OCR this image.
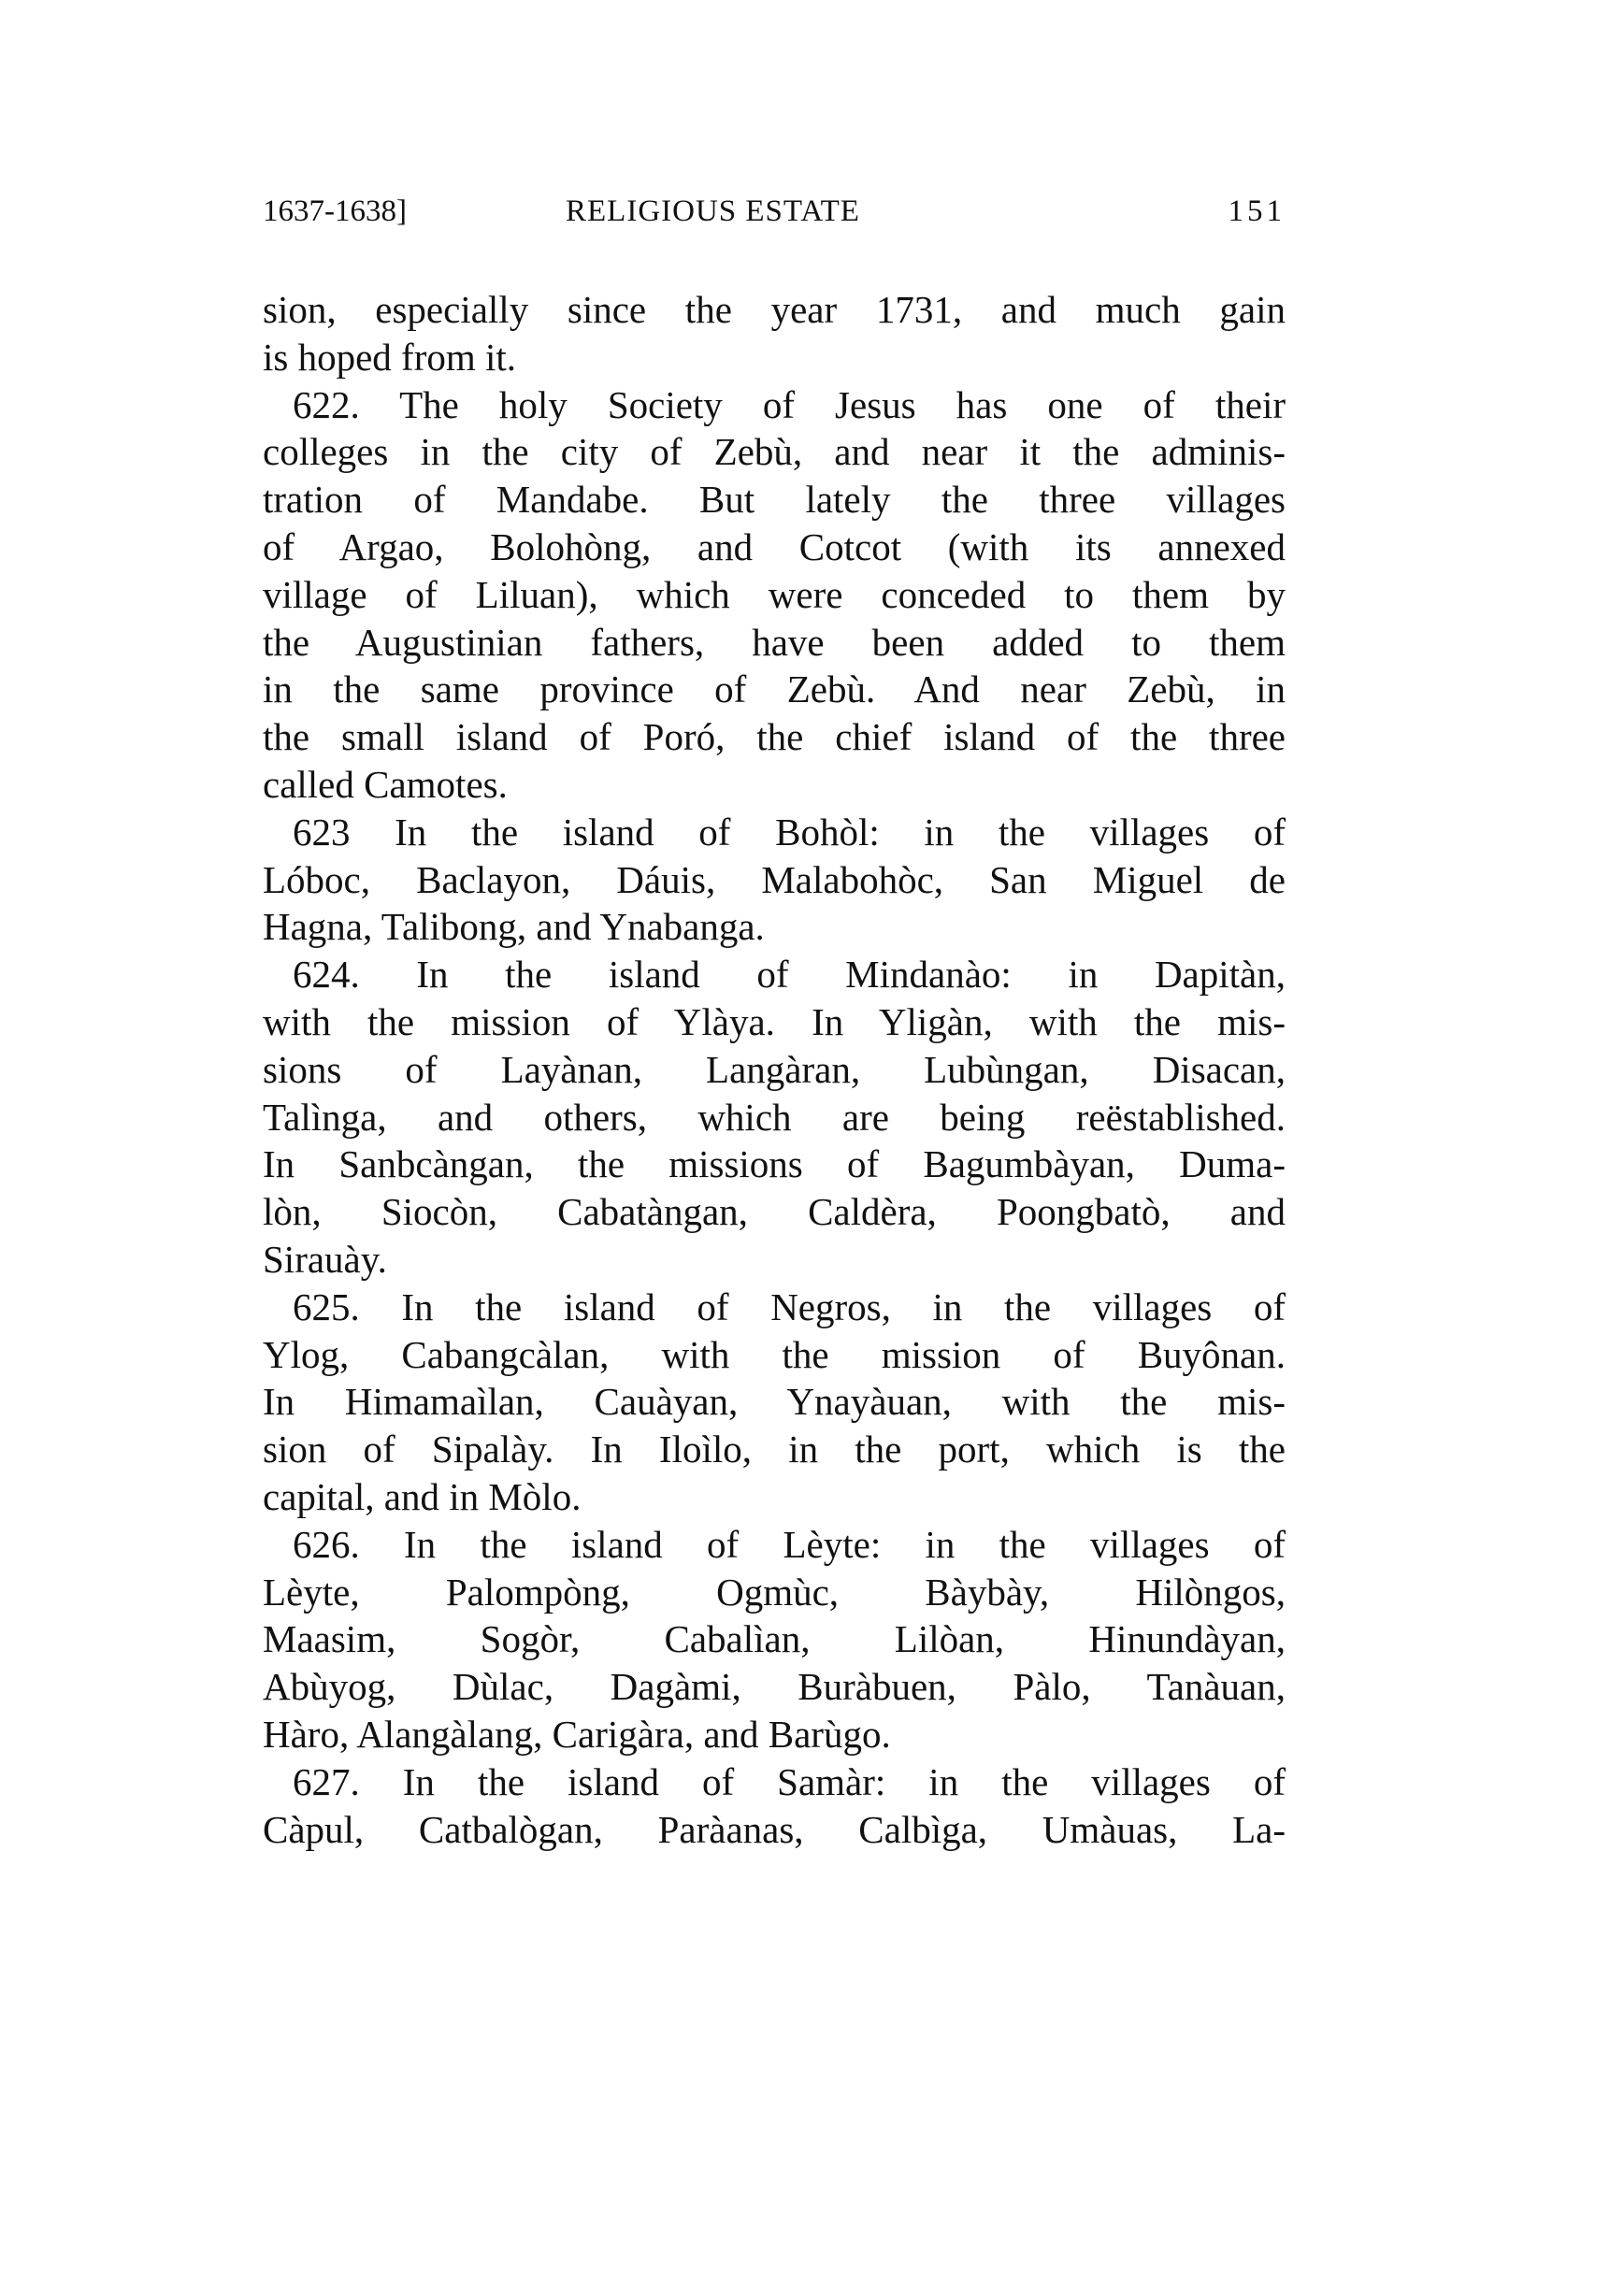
1637-1638]	RELIGIOUS ESTATE	151
sion, especially since the year 1731, and much gain
is hoped from it.
622. The holy Society of Jesus has one of their
colleges in the city of Zebù, and near it the adminis-
tration of Mandabe. But lately the three villages
of Argao, Bolohòng, and Cotcot (with its annexed
village of Liluan), which were conceded to them by
the Augustinian fathers, have been added to them
in the same province of Zebù. And near Zebù, in
the small island of Poró, the chief island of the three
called Camotes.
623 In the island of Bohòl: in the villages of
Lóboc, Baclayon, Dáuis, Malabohòc, San Miguel de
Hagna, Talibong, and Ynabanga.
624. In the island of Mindanào: in Dapitàn,
with the mission of Ylàya. In Yligàn, with the mis-
sions of Layànan, Langàran, Lubùngan, Disacan,
Talìnga, and others, which are being reëstablished.
In Sanbcàngan, the missions of Bagumbàyan, Duma-
lòn, Siocòn, Cabatàngan, Caldèra, Poongbatò, and
Sirauày.
625. In the island of Negros, in the villages of
Ylog, Cabangcàlan, with the mission of Buyônan.
In Himamaìlan, Cauàyan, Ynayàuan, with the mis-
sion of Sipalày. In Iloìlo, in the port, which is the
capital, and in Mòlo.
626. In the island of Lèyte: in the villages of
Lèyte, Palompòng, Ogmùc, Bàybày, Hilòngos,
Maasim, Sogòr, Cabalìan, Lilòan, Hinundàyan,
Abùyog, Dùlac, Dagàmi, Buràbuen, Pàlo, Tanàuan,
Hàro, Alangàlang, Carigàra, and Barùgo.
627. In the island of Samàr: in the villages of
Càpul, Catbalògan, Paràanas, Calbìga, Umàuas, La-
